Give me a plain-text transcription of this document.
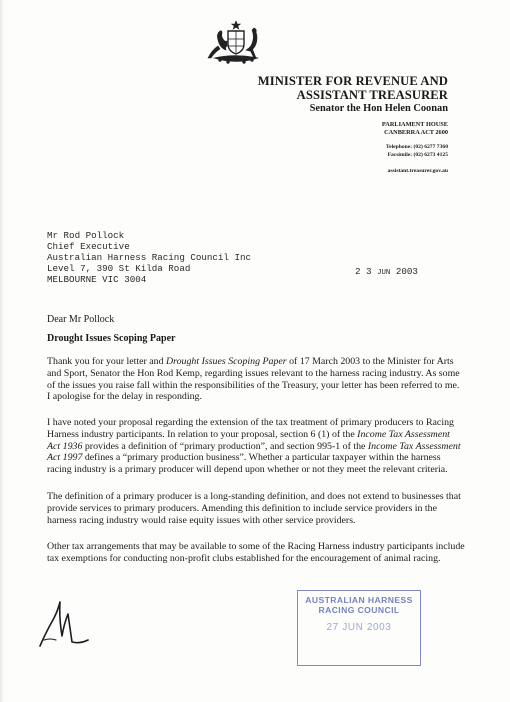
MINISTER FOR REVENUE AND
ASSISTANT TREASURER
Senator the Hon Helen Coonan
PARLIAMENT HOUSE
CANBERRA ACT 2600
Telephone: (02) 6277 7360
Facsimile: (02) 6273 4125
assistant.treasurer.gov.au
Mr Rod Pollock
Chief Executive
Australian Harness Racing Council Inc
Level 7, 390 St Kilda Road
MELBOURNE VIC 3004
2 3 JUN 2003
Dear Mr Pollock
Drought Issues Scoping Paper
Thank you for your letter and Drought Issues Scoping Paper of 17 March 2003 to the Minister for Arts and Sport, Senator the Hon Rod Kemp, regarding issues relevant to the harness racing industry. As some of the issues you raise fall within the responsibilities of the Treasury, your letter has been referred to me. I apologise for the delay in responding.
I have noted your proposal regarding the extension of the tax treatment of primary producers to Racing Harness industry participants. In relation to your proposal, section 6 (1) of the Income Tax Assessment Act 1936 provides a definition of “primary production”, and section 995-1 of the Income Tax Assessment Act 1997 defines a “primary production business”. Whether a particular taxpayer within the harness racing industry is a primary producer will depend upon whether or not they meet the relevant criteria.
The definition of a primary producer is a long-standing definition, and does not extend to businesses that provide services to primary producers. Amending this definition to include service providers in the harness racing industry would raise equity issues with other service providers.
Other tax arrangements that may be available to some of the Racing Harness industry participants include tax exemptions for conducting non-profit clubs established for the encouragement of animal racing.
AUSTRALIAN HARNESS
RACING COUNCIL
27 JUN 2003
